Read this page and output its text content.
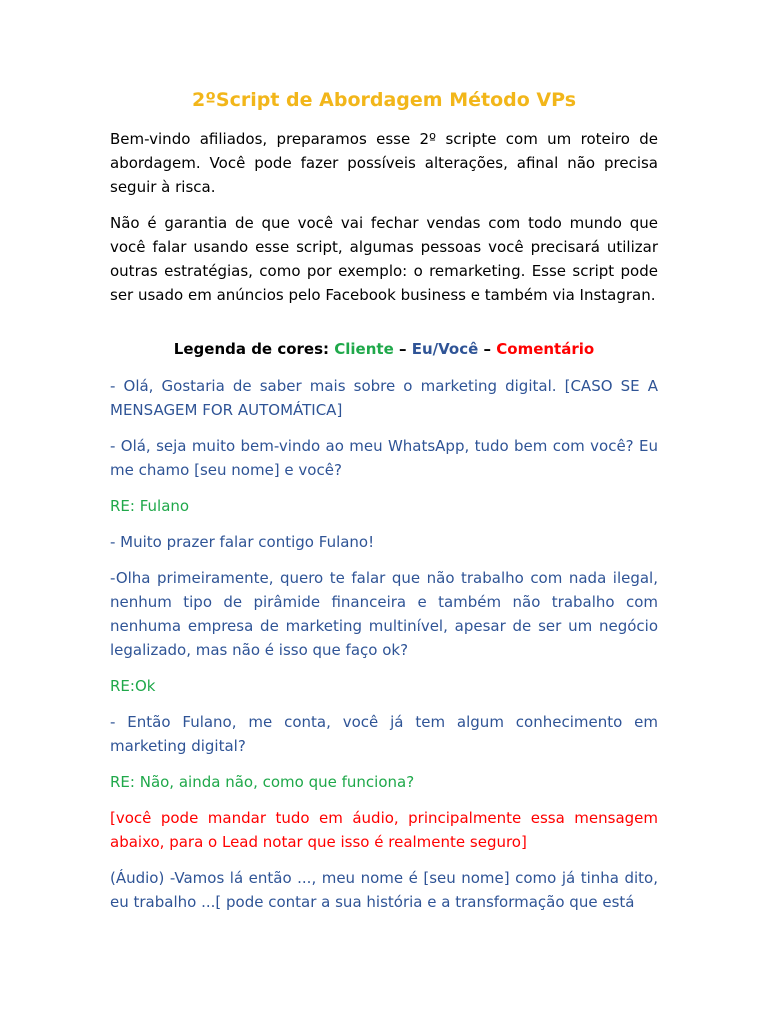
2ºScript de Abordagem Método VPs

Bem-vindo afiliados, preparamos esse 2º scripte com um roteiro de abordagem. Você pode fazer possíveis alterações, afinal não precisa seguir à risca.

Não é garantia de que você vai fechar vendas com todo mundo que você falar usando esse script, algumas pessoas você precisará utilizar outras estratégias, como por exemplo: o remarketing. Esse script pode ser usado em anúncios pelo Facebook business e também via Instagran.

Legenda de cores: Cliente – Eu/Você – Comentário
- Olá, Gostaria de saber mais sobre o marketing digital. [CASO SE A MENSAGEM FOR AUTOMÁTICA]
- Olá, seja muito bem-vindo ao meu WhatsApp, tudo bem com você? Eu me chamo [seu nome] e você?
RE: Fulano
- Muito prazer falar contigo Fulano!
-Olha primeiramente, quero te falar que não trabalho com nada ilegal, nenhum tipo de pirâmide financeira e também não trabalho com nenhuma empresa de marketing multinível, apesar de ser um negócio legalizado, mas não é isso que faço ok?
RE:Ok
- Então Fulano, me conta, você já tem algum conhecimento em marketing digital?
RE: Não, ainda não, como que funciona?
[você pode mandar tudo em áudio, principalmente essa mensagem abaixo, para o Lead notar que isso é realmente seguro]
(Áudio) -Vamos lá então ..., meu nome é [seu nome] como já tinha dito, eu trabalho ...[ pode contar a sua história e a transformação que está
